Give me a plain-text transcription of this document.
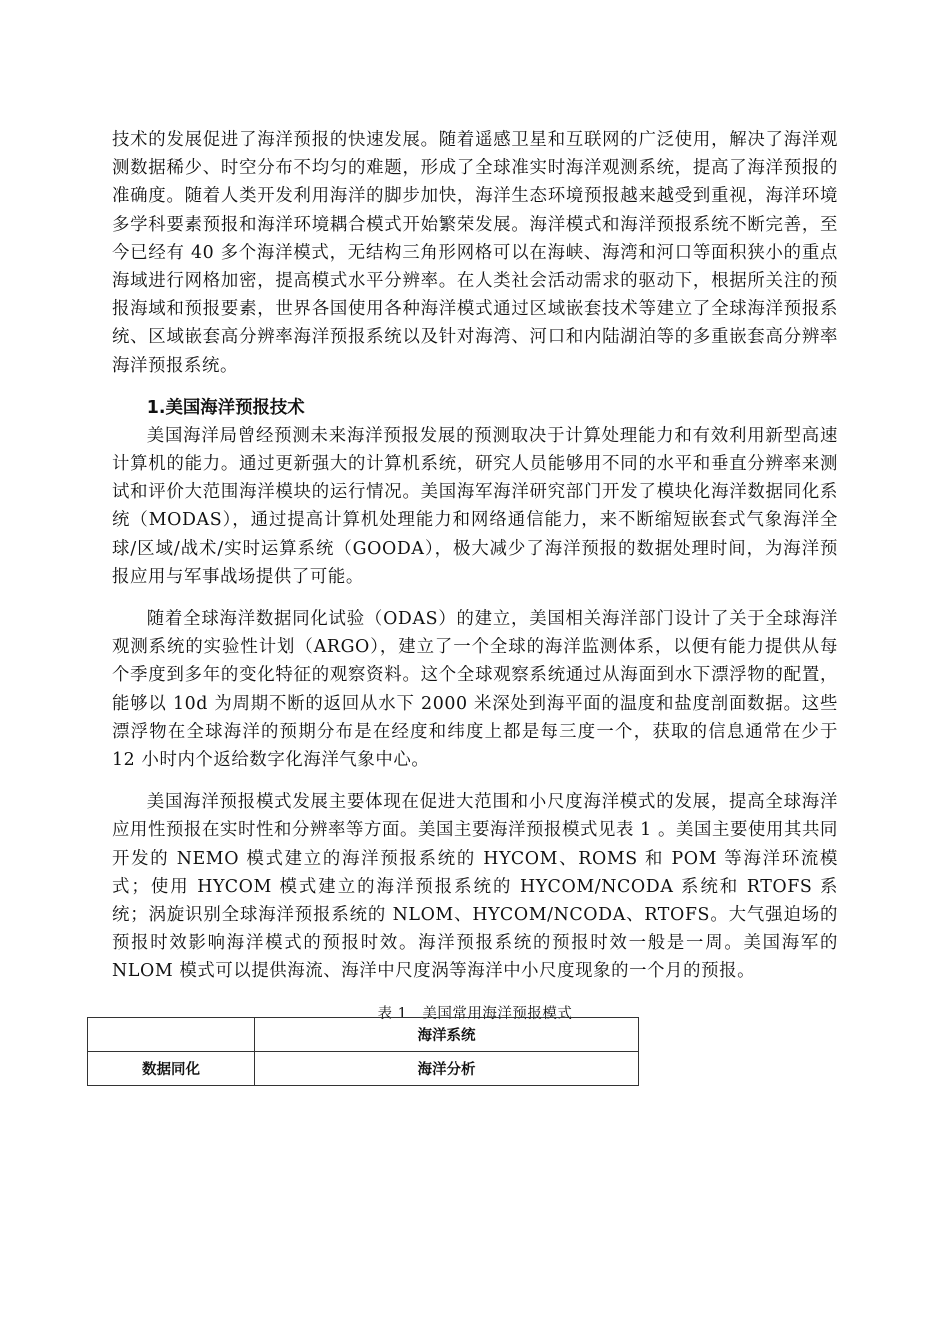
技术的发展促进了海洋预报的快速发展。随着遥感卫星和互联网的广泛使用，解决了海洋观测数据稀少、时空分布不均匀的难题，形成了全球准实时海洋观测系统，提高了海洋预报的准确度。随着人类开发利用海洋的脚步加快，海洋生态环境预报越来越受到重视，海洋环境多学科要素预报和海洋环境耦合模式开始繁荣发展。海洋模式和海洋预报系统不断完善，至今已经有 40 多个海洋模式，无结构三角形网格可以在海峡、海湾和河口等面积狭小的重点海域进行网格加密，提高模式水平分辨率。在人类社会活动需求的驱动下，根据所关注的预报海域和预报要素，世界各国使用各种海洋模式通过区域嵌套技术等建立了全球海洋预报系统、区域嵌套高分辨率海洋预报系统以及针对海湾、河口和内陆湖泊等的多重嵌套高分辨率海洋预报系统。

1.美国海洋预报技术

美国海洋局曾经预测未来海洋预报发展的预测取决于计算处理能力和有效利用新型高速计算机的能力。通过更新强大的计算机系统，研究人员能够用不同的水平和垂直分辨率来测试和评价大范围海洋模块的运行情况。美国海军海洋研究部门开发了模块化海洋数据同化系统（MODAS），通过提高计算机处理能力和网络通信能力，来不断缩短嵌套式气象海洋全球/区域/战术/实时运算系统（GOODA），极大减少了海洋预报的数据处理时间，为海洋预报应用与军事战场提供了可能。

随着全球海洋数据同化试验（ODAS）的建立，美国相关海洋部门设计了关于全球海洋观测系统的实验性计划（ARGO），建立了一个全球的海洋监测体系，以便有能力提供从每个季度到多年的变化特征的观察资料。这个全球观察系统通过从海面到水下漂浮物的配置，能够以 10d 为周期不断的返回从水下 2000 米深处到海平面的温度和盐度剖面数据。这些漂浮物在全球海洋的预期分布是在经度和纬度上都是每三度一个，获取的信息通常在少于 12 小时内个返给数字化海洋气象中心。

美国海洋预报模式发展主要体现在促进大范围和小尺度海洋模式的发展，提高全球海洋应用性预报在实时性和分辨率等方面。美国主要海洋预报模式见表 1 。美国主要使用其共同开发的 NEMO 模式建立的海洋预报系统的 HYCOM、ROMS 和 POM 等海洋环流模式；使用 HYCOM 模式建立的海洋预报系统的 HYCOM/NCODA 系统和 RTOFS 系统；涡旋识别全球海洋预报系统的 NLOM、HYCOM/NCODA、RTOFS。大气强迫场的预报时效影响海洋模式的预报时效。海洋预报系统的预报时效一般是一周。美国海军的 NLOM 模式可以提供海流、海洋中尺度涡等海洋中小尺度现象的一个月的预报。

表 1　美国常用海洋预报模式
	海洋系统
数据同化	海洋分析
